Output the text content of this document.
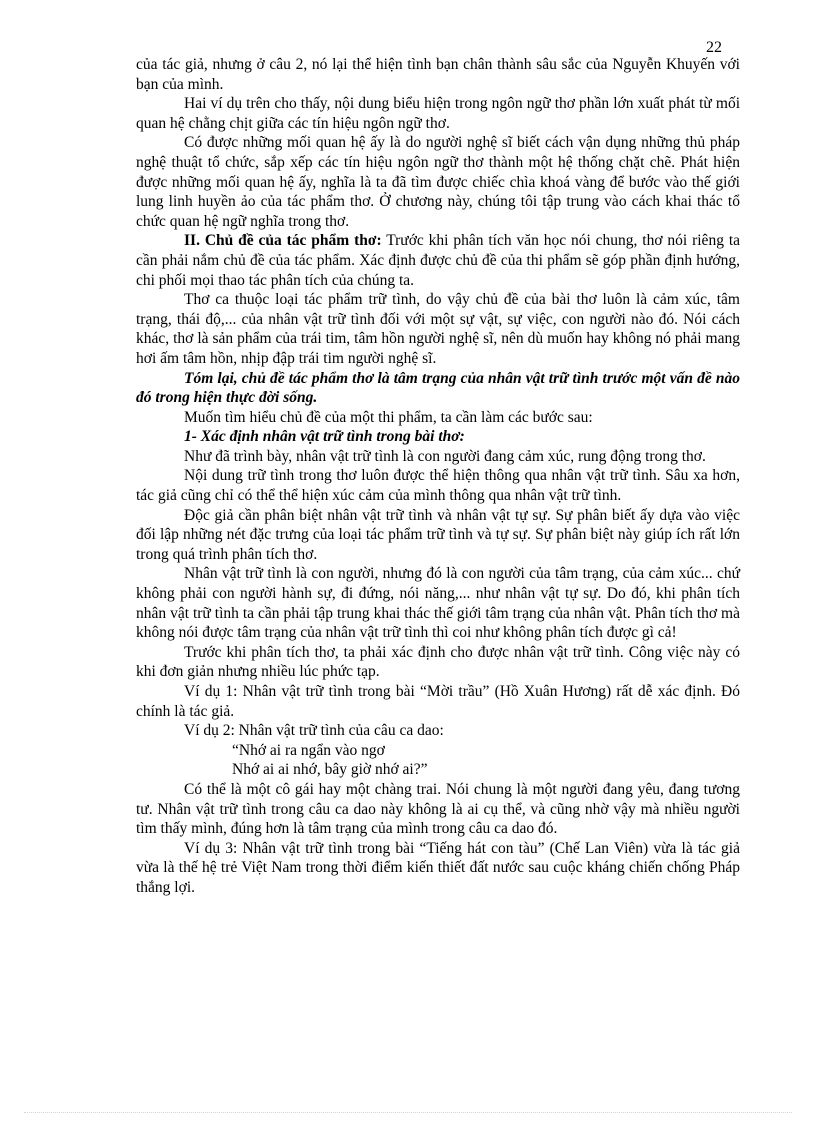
22

của tác giả, nhưng ở câu 2, nó lại thể hiện tình bạn chân thành sâu sắc của Nguyễn Khuyến với bạn của mình.

Hai ví dụ trên cho thấy, nội dung biểu hiện trong ngôn ngữ thơ phần lớn xuất phát từ mối quan hệ chằng chịt giữa các tín hiệu ngôn ngữ thơ.

Có được những mối quan hệ ấy là do người nghệ sĩ biết cách vận dụng những thủ pháp nghệ thuật tổ chức, sắp xếp các tín hiệu ngôn ngữ thơ thành một hệ thống chặt chẽ. Phát hiện được những mối quan hệ ấy, nghĩa là ta đã tìm được chiếc chìa khoá vàng để bước vào thế giới lung linh huyền ảo của tác phẩm thơ. Ở chương này, chúng tôi tập trung vào cách khai thác tổ chức quan hệ ngữ nghĩa trong thơ.

II. Chủ đề của tác phẩm thơ: Trước khi phân tích văn học nói chung, thơ nói riêng ta cần phải nắm chủ đề của tác phẩm. Xác định được chủ đề của thi phẩm sẽ góp phần định hướng, chi phối mọi thao tác phân tích của chúng ta.

Thơ ca thuộc loại tác phẩm trữ tình, do vậy chủ đề của bài thơ luôn là cảm xúc, tâm trạng, thái độ,... của nhân vật trữ tình đối với một sự vật, sự việc, con người nào đó. Nói cách khác, thơ là sản phẩm của trái tim, tâm hồn người nghệ sĩ, nên dù muốn hay không nó phải mang hơi ấm tâm hồn, nhịp đập trái tim người nghệ sĩ.

Tóm lại, chủ đề tác phẩm thơ là tâm trạng của nhân vật trữ tình trước một vấn đề nào đó trong hiện thực đời sống.

Muốn tìm hiểu chủ đề của một thi phẩm, ta cần làm các bước sau:

1- Xác định nhân vật trữ tình trong bài thơ:

Như đã trình bày, nhân vật trữ tình là con người đang cảm xúc, rung động trong thơ.

Nội dung trữ tình trong thơ luôn được thể hiện thông qua nhân vật trữ tình. Sâu xa hơn, tác giả cũng chỉ có thể thể hiện xúc cảm của mình thông qua nhân vật trữ tình.

Độc giả cần phân biệt nhân vật trữ tình và nhân vật tự sự. Sự phân biết ấy dựa vào việc đối lập những nét đặc trưng của loại tác phẩm trữ tình và tự sự. Sự phân biệt này giúp ích rất lớn trong quá trình phân tích thơ.

Nhân vật trữ tình là con người, nhưng đó là con người của tâm trạng, của cảm xúc... chứ không phải con người hành sự, đi đứng, nói năng,... như nhân vật tự sự. Do đó, khi phân tích nhân vật trữ tình ta cần phải tập trung khai thác thế giới tâm trạng của nhân vật. Phân tích thơ mà không nói được tâm trạng của nhân vật trữ tình thì coi như không phân tích được gì cả!

Trước khi phân tích thơ, ta phải xác định cho được nhân vật trữ tình. Công việc này có khi đơn giản nhưng nhiều lúc phức tạp.

Ví dụ 1: Nhân vật trữ tình trong bài “Mời trầu” (Hồ Xuân Hương) rất dễ xác định. Đó chính là tác giả.

Ví dụ 2: Nhân vật trữ tình của câu ca dao:

“Nhớ ai ra ngẩn vào ngơ

Nhớ ai ai nhớ, bây giờ nhớ ai?”

Có thể là một cô gái hay một chàng trai. Nói chung là một người đang yêu, đang tương tư. Nhân vật trữ tình trong câu ca dao này không là ai cụ thể, và cũng nhờ vậy mà nhiều người tìm thấy mình, đúng hơn là tâm trạng của mình trong câu ca dao đó.

Ví dụ 3: Nhân vật trữ tình trong bài “Tiếng hát con tàu” (Chế Lan Viên) vừa là tác giả vừa là thế hệ trẻ Việt Nam trong thời điểm kiến thiết đất nước sau cuộc kháng chiến chống Pháp thắng lợi.
